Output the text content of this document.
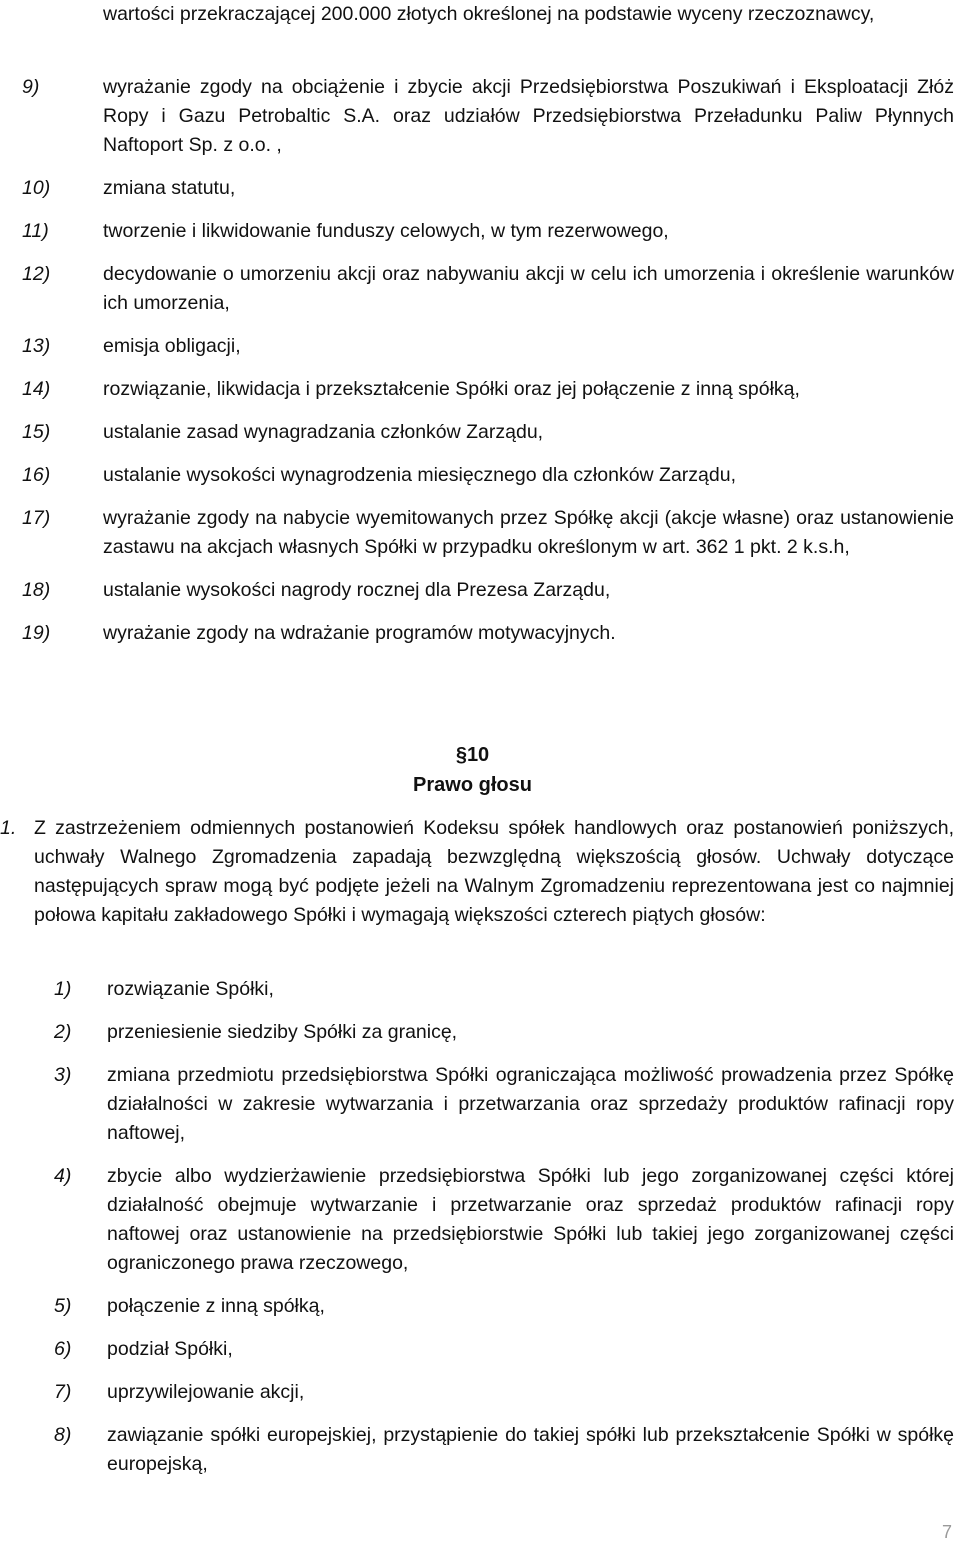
wartości przekraczającej 200.000 złotych określonej na podstawie wyceny rzeczoznawcy,
9)	wyrażanie zgody na obciążenie i zbycie akcji Przedsiębiorstwa Poszukiwań i Eksploatacji Złóż Ropy i Gazu Petrobaltic S.A. oraz udziałów Przedsiębiorstwa Przeładunku Paliw Płynnych Naftoport Sp. z o.o. ,
10)	zmiana statutu,
11)	tworzenie i likwidowanie funduszy celowych, w tym rezerwowego,
12)	decydowanie o umorzeniu akcji oraz nabywaniu akcji w celu ich umorzenia i określenie warunków ich umorzenia,
13)	emisja obligacji,
14)	rozwiązanie, likwidacja i przekształcenie Spółki oraz jej połączenie z inną spółką,
15)	ustalanie zasad wynagradzania członków Zarządu,
16)	ustalanie wysokości wynagrodzenia miesięcznego dla członków Zarządu,
17)	wyrażanie zgody na nabycie wyemitowanych przez Spółkę akcji (akcje własne) oraz ustanowienie zastawu na akcjach własnych Spółki w przypadku określonym w art. 362 1 pkt. 2 k.s.h,
18)	ustalanie wysokości nagrody rocznej dla Prezesa Zarządu,
19)	wyrażanie zgody na wdrażanie programów motywacyjnych.
§10
Prawo głosu
1. Z zastrzeżeniem odmiennych postanowień Kodeksu spółek handlowych oraz postanowień poniższych, uchwały Walnego Zgromadzenia zapadają bezwzględną większością głosów. Uchwały dotyczące następujących spraw mogą być podjęte jeżeli na Walnym Zgromadzeniu reprezentowana jest co najmniej połowa kapitału zakładowego Spółki i wymagają większości czterech piątych głosów:
1) rozwiązanie Spółki,
2) przeniesienie siedziby Spółki za granicę,
3) zmiana przedmiotu przedsiębiorstwa Spółki ograniczająca możliwość prowadzenia przez Spółkę działalności w zakresie wytwarzania i przetwarzania oraz sprzedaży produktów rafinacji ropy naftowej,
4) zbycie albo wydzierżawienie przedsiębiorstwa Spółki lub jego zorganizowanej części której działalność obejmuje wytwarzanie i przetwarzanie oraz sprzedaż produktów rafinacji ropy naftowej oraz ustanowienie na przedsiębiorstwie Spółki lub takiej jego zorganizowanej części ograniczonego prawa rzeczowego,
5) połączenie z inną spółką,
6) podział Spółki,
7) uprzywilejowanie akcji,
8) zawiązanie spółki europejskiej, przystąpienie do takiej spółki lub przekształcenie Spółki w spółkę europejską,
7
